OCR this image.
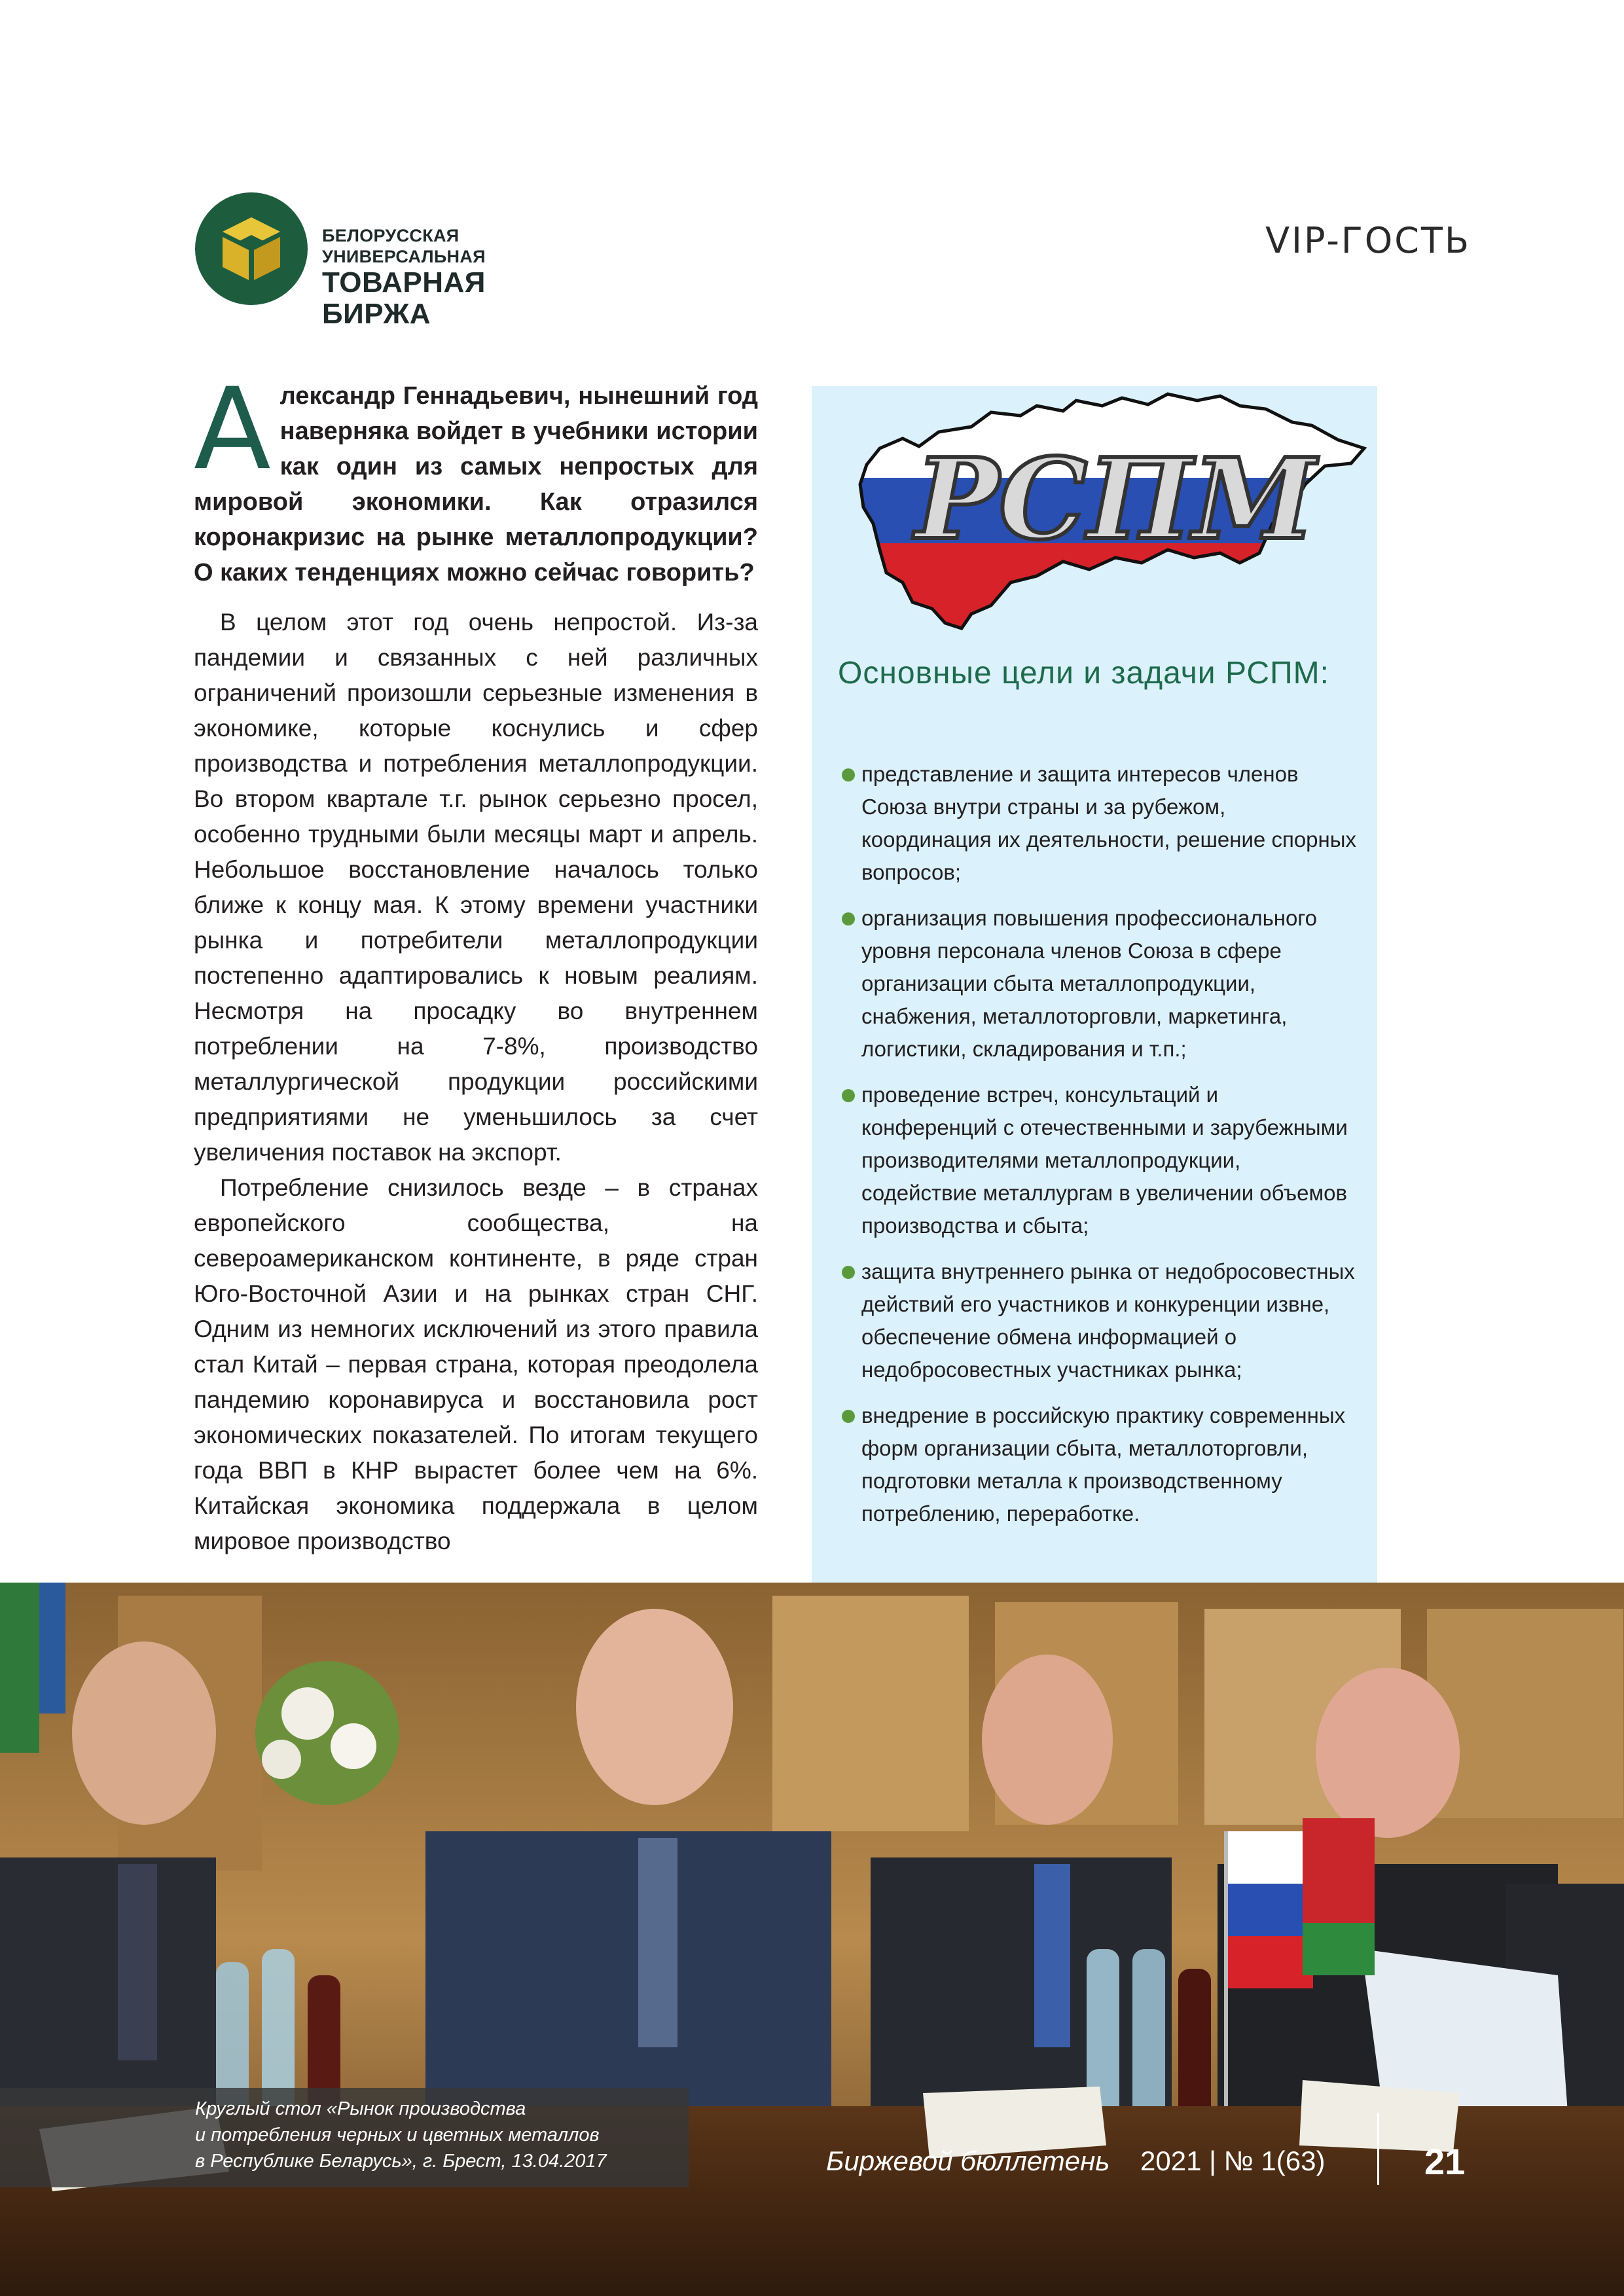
БЕЛОРУССКАЯ УНИВЕРСАЛЬНАЯ
ТОВАРНАЯ БИРЖА
VIP-ГОСТЬ
Александр Геннадьевич, нынешний год наверняка войдет в учебники истории как один из самых непростых для мировой экономики. Как отразился коронакризис на рынке металлопродукции? О каких тенденциях можно сейчас говорить?

В целом этот год очень непростой. Из-за пандемии и связанных с ней различных ограничений произошли серьезные изменения в экономике, которые коснулись и сфер производства и потребления металлопродукции. Во втором квартале т.г. рынок серьезно просел, особенно трудными были месяцы март и апрель. Небольшое восстановление началось только ближе к концу мая. К этому времени участники рынка и потребители металлопродукции постепенно адаптировались к новым реалиям. Несмотря на просадку во внутреннем потреблении на 7-8%, производство металлургической продукции российскими предприятиями не уменьшилось за счет увеличения поставок на экспорт.

Потребление снизилось везде – в странах европейского сообщества, на североамериканском континенте, в ряде стран Юго-Восточной Азии и на рынках стран СНГ. Одним из немногих исключений из этого правила стал Китай – первая страна, которая преодолела пандемию коронавируса и восстановила рост экономических показателей. По итогам текущего года ВВП в КНР вырастет более чем на 6%. Китайская экономика поддержала в целом мировое производство

РСПМ
Основные цели и задачи РСПМ:
представление и защита интересов членов Союза внутри страны и за рубежом, координация их деятельности, решение спорных вопросов;
организация повышения профессионального уровня персонала членов Союза в сфере организации сбыта металлопродукции, снабжения, металлоторговли, маркетинга, логистики, складирования и т.п.;
проведение встреч, консультаций и конференций с отечественными и зарубежными производителями металлопродукции, содействие металлургам в увеличении объемов производства и сбыта;
защита внутреннего рынка от недобросовестных действий его участников и конкуренции извне, обеспечение обмена информацией о недобросовестных участниках рынка;
внедрение в российскую практику современных форм организации сбыта, металлоторговли, подготовки металла к производственному потреблению, переработке.
Круглый стол «Рынок производства
и потребления черных и цветных металлов
в Республике Беларусь», г. Брест, 13.04.2017	Биржевой бюллетень 2021 | № 1(63)	21
